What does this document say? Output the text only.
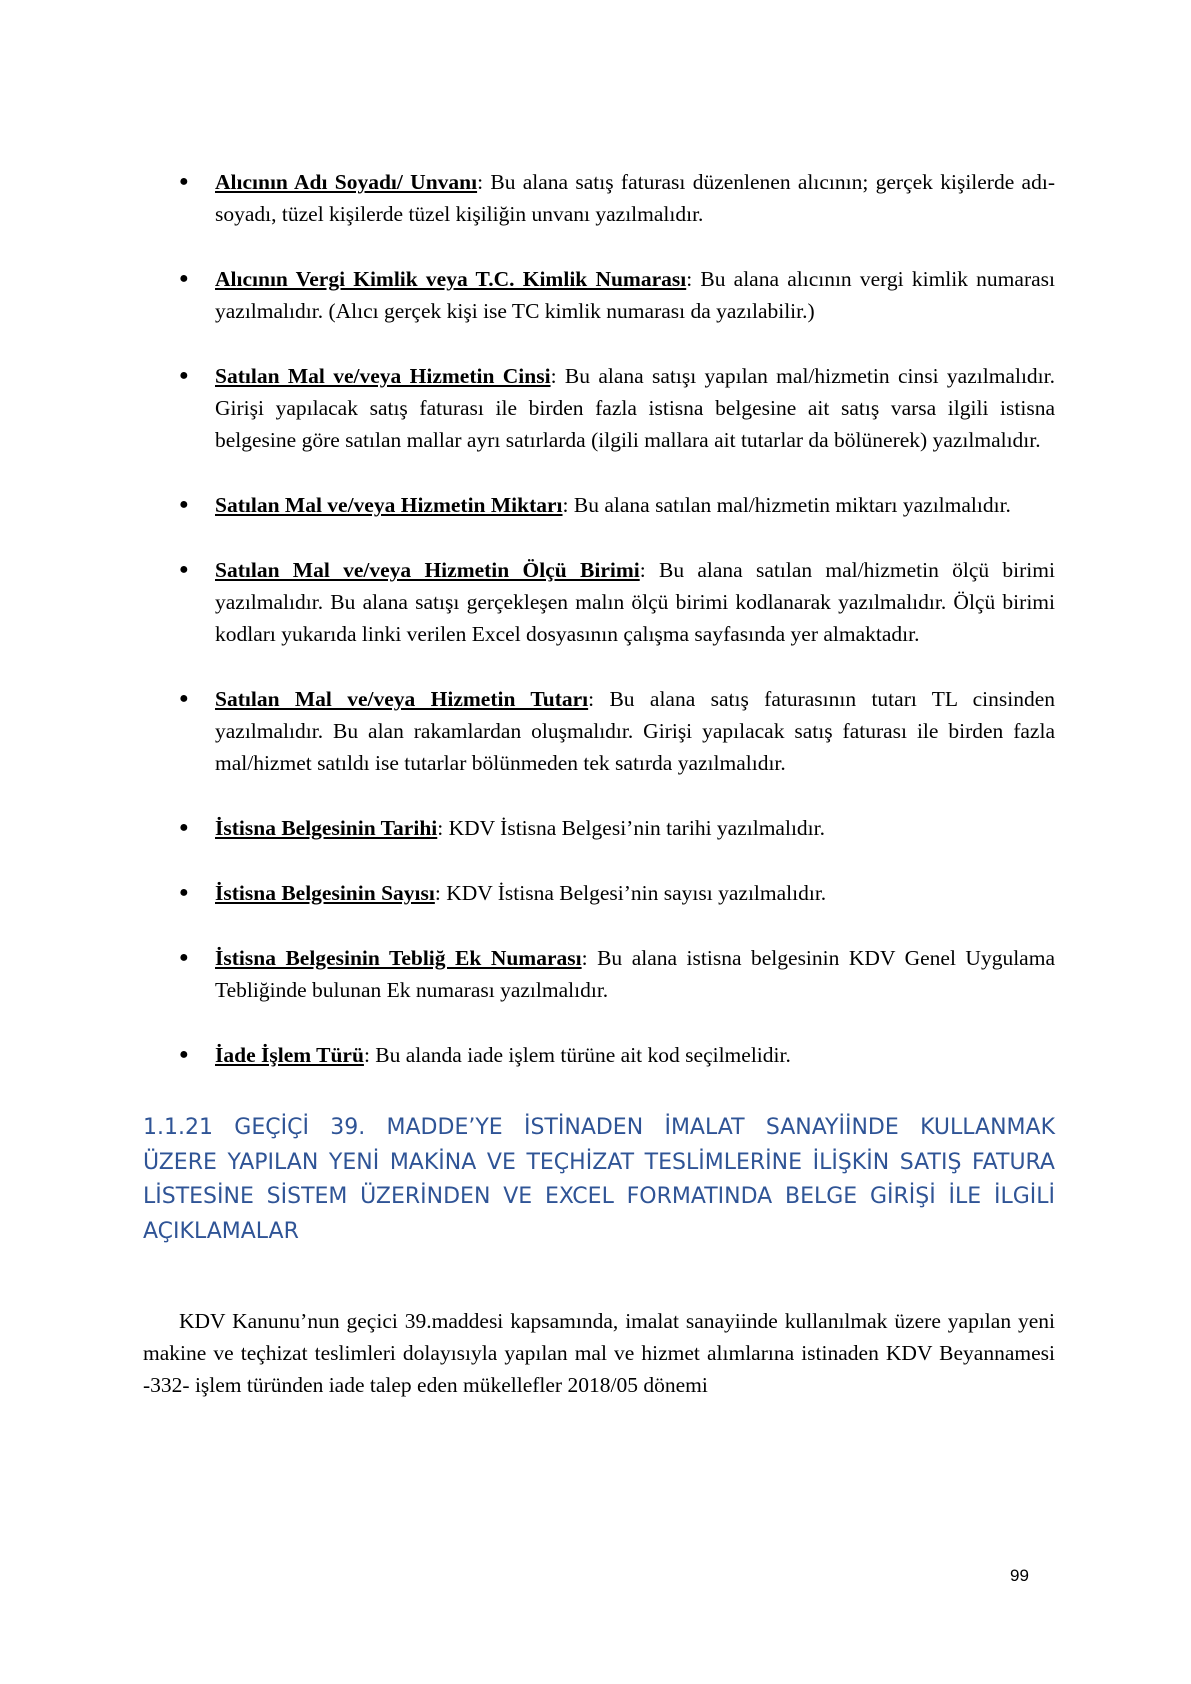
● Alıcının Adı Soyadı/ Unvanı: Bu alana satış faturası düzenlenen alıcının; gerçek kişilerde adı-soyadı, tüzel kişilerde tüzel kişiliğin unvanı yazılmalıdır.
● Alıcının Vergi Kimlik veya T.C. Kimlik Numarası: Bu alana alıcının vergi kimlik numarası yazılmalıdır. (Alıcı gerçek kişi ise TC kimlik numarası da yazılabilir.)
● Satılan Mal ve/veya Hizmetin Cinsi: Bu alana satışı yapılan mal/hizmetin cinsi yazılmalıdır. Girişi yapılacak satış faturası ile birden fazla istisna belgesine ait satış varsa ilgili istisna belgesine göre satılan mallar ayrı satırlarda (ilgili mallara ait tutarlar da bölünerek) yazılmalıdır.
● Satılan Mal ve/veya Hizmetin Miktarı: Bu alana satılan mal/hizmetin miktarı yazılmalıdır.
● Satılan Mal ve/veya Hizmetin Ölçü Birimi: Bu alana satılan mal/hizmetin ölçü birimi yazılmalıdır. Bu alana satışı gerçekleşen malın ölçü birimi kodlanarak yazılmalıdır. Ölçü birimi kodları yukarıda linki verilen Excel dosyasının çalışma sayfasında yer almaktadır.
● Satılan Mal ve/veya Hizmetin Tutarı: Bu alana satış faturasının tutarı TL cinsinden yazılmalıdır. Bu alan rakamlardan oluşmalıdır. Girişi yapılacak satış faturası ile birden fazla mal/hizmet satıldı ise tutarlar bölünmeden tek satırda yazılmalıdır.
● İstisna Belgesinin Tarihi: KDV İstisna Belgesi’nin tarihi yazılmalıdır.
● İstisna Belgesinin Sayısı: KDV İstisna Belgesi’nin sayısı yazılmalıdır.
● İstisna Belgesinin Tebliğ Ek Numarası: Bu alana istisna belgesinin KDV Genel Uygulama Tebliğinde bulunan Ek numarası yazılmalıdır.
● İade İşlem Türü: Bu alanda iade işlem türüne ait kod seçilmelidir.
1.1.21 GEÇİÇİ 39. MADDE’YE İSTİNADEN İMALAT SANAYİİNDE KULLANMAK ÜZERE YAPILAN YENİ MAKİNA VE TEÇHİZAT TESLİMLERİNE İLİŞKİN SATIŞ FATURA LİSTESİNE SİSTEM ÜZERİNDEN VE EXCEL FORMATINDA BELGE GİRİŞİ İLE İLGİLİ AÇIKLAMALAR

KDV Kanunu’nun geçici 39.maddesi kapsamında, imalat sanayiinde kullanılmak üzere yapılan yeni makine ve teçhizat teslimleri dolayısıyla yapılan mal ve hizmet alımlarına istinaden KDV Beyannamesi -332- işlem türünden iade talep eden mükellefler 2018/05 dönemi

99
